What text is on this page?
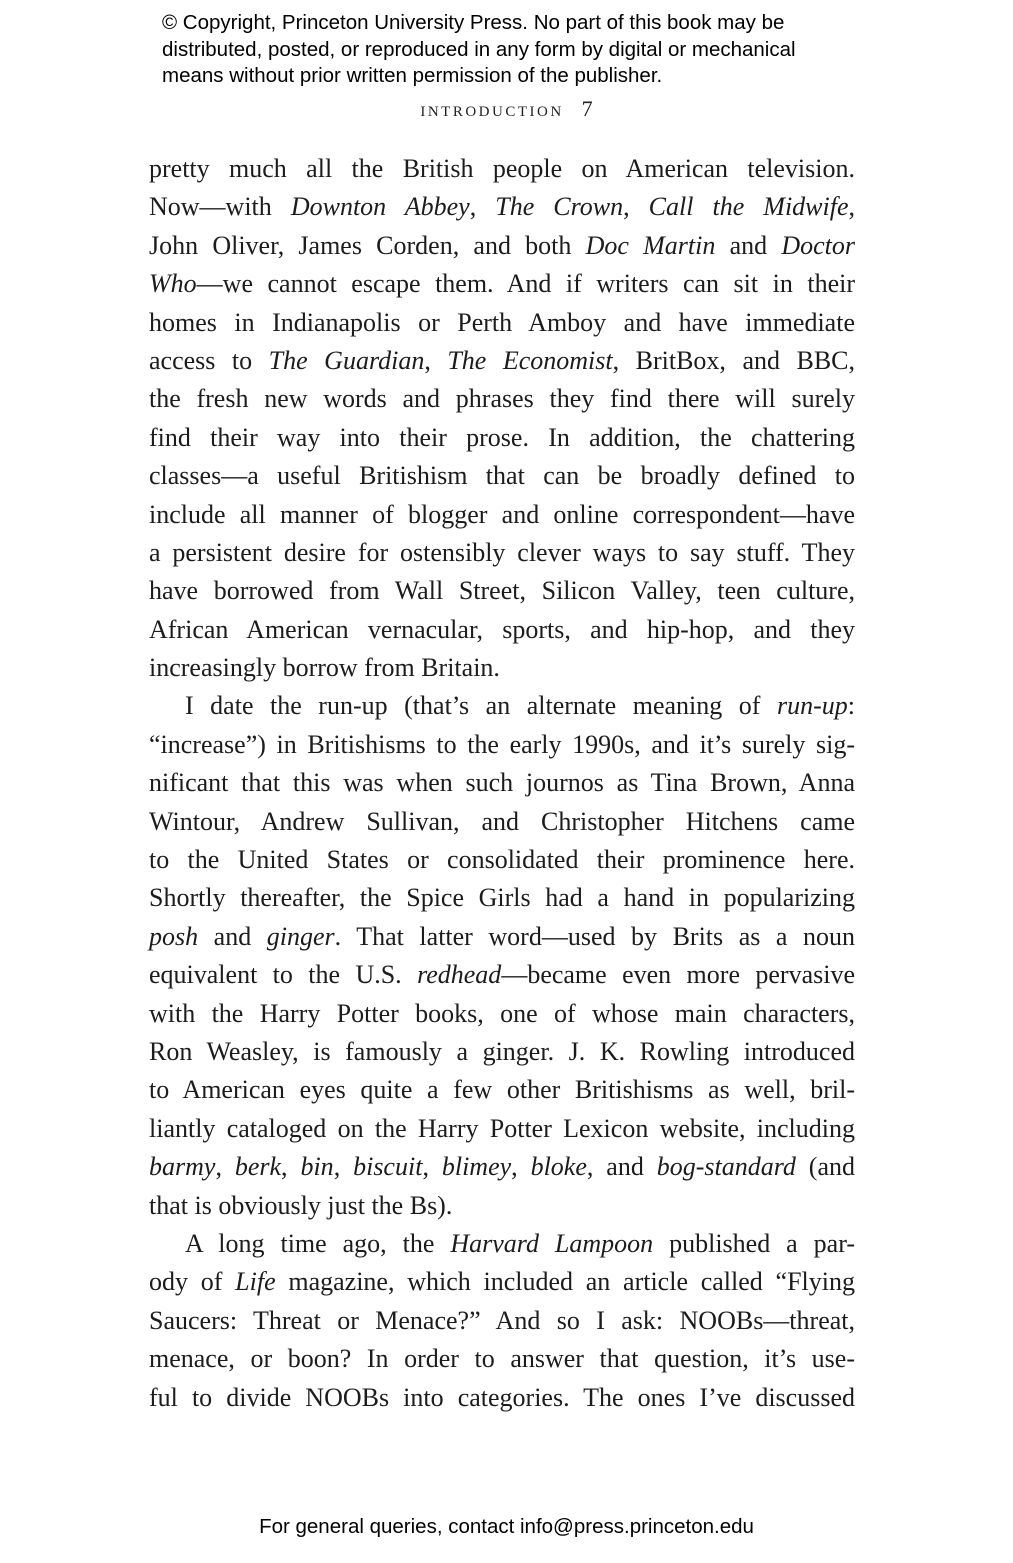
© Copyright, Princeton University Press. No part of this book may be
distributed, posted, or reproduced in any form by digital or mechanical
means without prior written permission of the publisher.
introduction 7
pretty much all the British people on American television.
Now—with Downton Abbey, The Crown, Call the Midwife,
John Oliver, James Corden, and both Doc Martin and Doctor
Who—we cannot escape them. And if writers can sit in their
homes in Indianapolis or Perth Amboy and have immediate
access to The Guardian, The Economist, BritBox, and BBC,
the fresh new words and phrases they find there will surely
find their way into their prose. In addition, the chattering
classes—a useful Britishism that can be broadly defined to
include all manner of blogger and online correspondent—have
a persistent desire for ostensibly clever ways to say stuff. They
have borrowed from Wall Street, Silicon Valley, teen culture,
African American vernacular, sports, and hip-hop, and they
increasingly borrow from Britain.
I date the run-up (that’s an alternate meaning of run-up:
“increase”) in Britishisms to the early 1990s, and it’s surely sig-
nificant that this was when such journos as Tina Brown, Anna
Wintour, Andrew Sullivan, and Christopher Hitchens came
to the United States or consolidated their prominence here.
Shortly thereafter, the Spice Girls had a hand in popularizing
posh and ginger. That latter word—used by Brits as a noun
equivalent to the U.S. redhead—became even more pervasive
with the Harry Potter books, one of whose main characters,
Ron Weasley, is famously a ginger. J. K. Rowling introduced
to American eyes quite a few other Britishisms as well, bril-
liantly cataloged on the Harry Potter Lexicon website, including
barmy, berk, bin, biscuit, blimey, bloke, and bog-standard (and
that is obviously just the Bs).
A long time ago, the Harvard Lampoon published a par-
ody of Life magazine, which included an article called “Flying
Saucers: Threat or Menace?” And so I ask: NOOBs—threat,
menace, or boon? In order to answer that question, it’s use-
ful to divide NOOBs into categories. The ones I’ve discussed
For general queries, contact info@press.princeton.edu
